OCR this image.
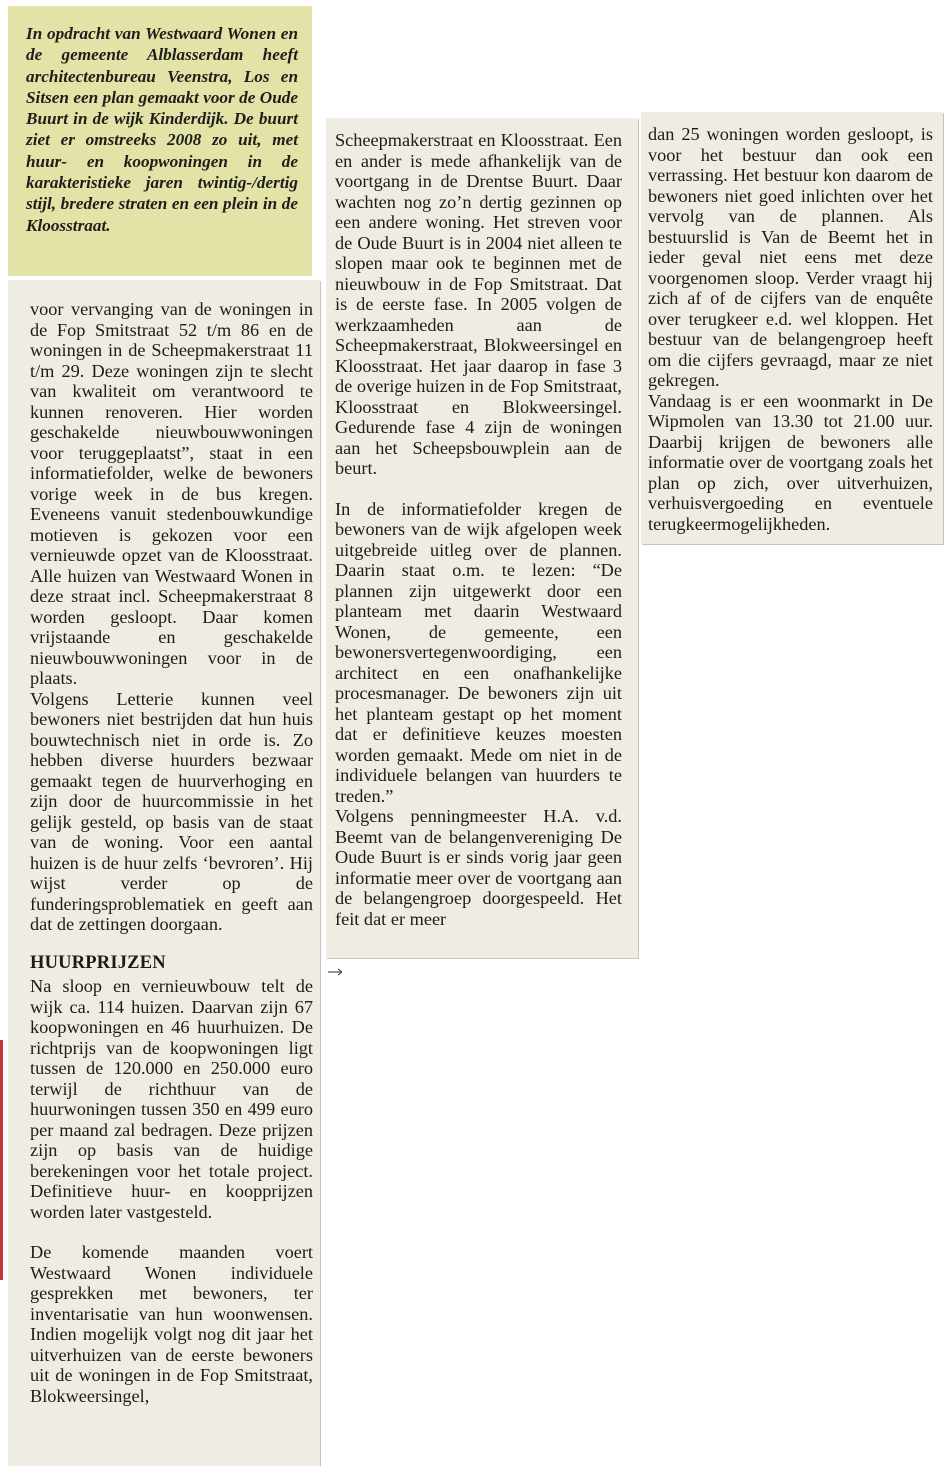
In opdracht van Westwaard Wonen en de gemeente Alblasserdam heeft architectenbureau Veenstra, Los en Sitsen een plan gemaakt voor de Oude Buurt in de wijk Kinderdijk. De buurt ziet er omstreeks 2008 zo uit, met huur- en koopwoningen in de karakteristieke jaren twintig-/dertig stijl, bredere straten en een plein in de Kloosstraat.

voor vervanging van de woningen in de Fop Smitstraat 52 t/m 86 en de woningen in de Scheepmakerstraat 11 t/m 29. Deze woningen zijn te slecht van kwaliteit om verantwoord te kunnen renoveren. Hier worden geschakelde nieuwbouwwoningen voor teruggeplaatst”, staat in een informatiefolder, welke de bewoners vorige week in de bus kregen. Eveneens vanuit stedenbouwkundige motieven is gekozen voor een vernieuwde opzet van de Kloosstraat. Alle huizen van Westwaard Wonen in deze straat incl. Scheepmakerstraat 8 worden gesloopt. Daar komen vrijstaande en geschakelde nieuwbouwwoningen voor in de plaats.

Volgens Letterie kunnen veel bewoners niet bestrijden dat hun huis bouwtechnisch niet in orde is. Zo hebben diverse huurders bezwaar gemaakt tegen de huurverhoging en zijn door de huurcommissie in het gelijk gesteld, op basis van de staat van de woning. Voor een aantal huizen is de huur zelfs ‘bevroren’. Hij wijst verder op de funderingsproblematiek en geeft aan dat de zettingen doorgaan.

HUURPRIJZEN

Na sloop en vernieuwbouw telt de wijk ca. 114 huizen. Daarvan zijn 67 koopwoningen en 46 huurhuizen. De richtprijs van de koopwoningen ligt tussen de 120.000 en 250.000 euro terwijl de richthuur van de huurwoningen tussen 350 en 499 euro per maand zal bedragen. Deze prijzen zijn op basis van de huidige berekeningen voor het totale project. Definitieve huur- en koopprijzen worden later vastgesteld.

De komende maanden voert Westwaard Wonen individuele gesprekken met bewoners, ter inventarisatie van hun woonwensen. Indien mogelijk volgt nog dit jaar het uitverhuizen van de eerste bewoners uit de woningen in de Fop Smitstraat, Blokweersingel,

Scheepmakerstraat en Kloosstraat. Een en ander is mede afhankelijk van de voortgang in de Drentse Buurt. Daar wachten nog zo’n dertig gezinnen op een andere woning. Het streven voor de Oude Buurt is in 2004 niet alleen te slopen maar ook te beginnen met de nieuwbouw in de Fop Smitstraat. Dat is de eerste fase. In 2005 volgen de werkzaamheden aan de Scheepmakerstraat, Blokweersingel en Kloosstraat. Het jaar daarop in fase 3 de overige huizen in de Fop Smitstraat, Kloosstraat en Blokweersingel. Gedurende fase 4 zijn de woningen aan het Scheepsbouwplein aan de beurt.

In de informatiefolder kregen de bewoners van de wijk afgelopen week uitgebreide uitleg over de plannen. Daarin staat o.m. te lezen: “De plannen zijn uitgewerkt door een planteam met daarin Westwaard Wonen, de gemeente, een bewonersvertegenwoordiging, een architect en een onafhankelijke procesmanager. De bewoners zijn uit het planteam gestapt op het moment dat er definitieve keuzes moesten worden gemaakt. Mede om niet in de individuele belangen van huurders te treden.”

Volgens penningmeester H.A. v.d. Beemt van de belangenvereniging De Oude Buurt is er sinds vorig jaar geen informatie meer over de voortgang aan de belangengroep doorgespeeld. Het feit dat er meer

dan 25 woningen worden gesloopt, is voor het bestuur dan ook een verrassing. Het bestuur kon daarom de bewoners niet goed inlichten over het vervolg van de plannen. Als bestuurslid is Van de Beemt het in ieder geval niet eens met deze voorgenomen sloop. Verder vraagt hij zich af of de cijfers van de enquête over terugkeer e.d. wel kloppen. Het bestuur van de belangengroep heeft om die cijfers gevraagd, maar ze niet gekregen.

Vandaag is er een woonmarkt in De Wipmolen van 13.30 tot 21.00 uur. Daarbij krijgen de bewoners alle informatie over de voortgang zoals het plan op zich, over uitverhuizen, verhuisvergoeding en eventuele terugkeermogelijkheden.
